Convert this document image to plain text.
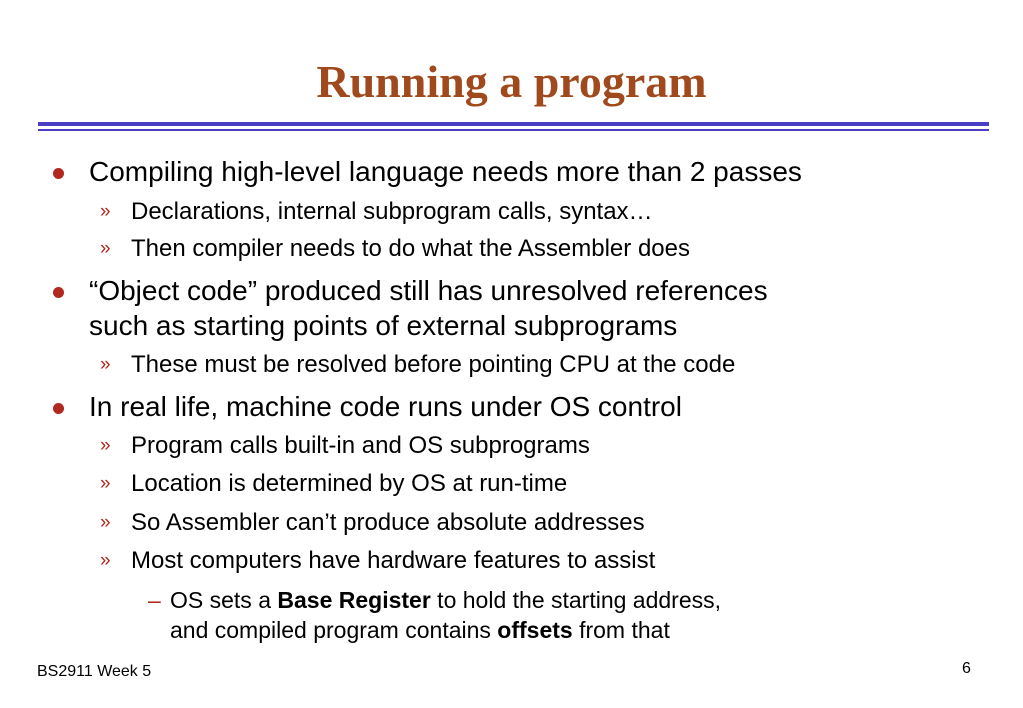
Running a program
Compiling high-level language needs more than 2 passes
» Declarations, internal subprogram calls, syntax…
» Then compiler needs to do what the Assembler does
“Object code” produced still has unresolved references
such as starting points of external subprograms
» These must be resolved before pointing CPU at the code
In real life, machine code runs under OS control
» Program calls built-in and OS subprograms
» Location is determined by OS at run-time
» So Assembler can’t produce absolute addresses
» Most computers have hardware features to assist
– OS sets a Base Register to hold the starting address,
and compiled program contains offsets from that
BS2911 Week 5	6
